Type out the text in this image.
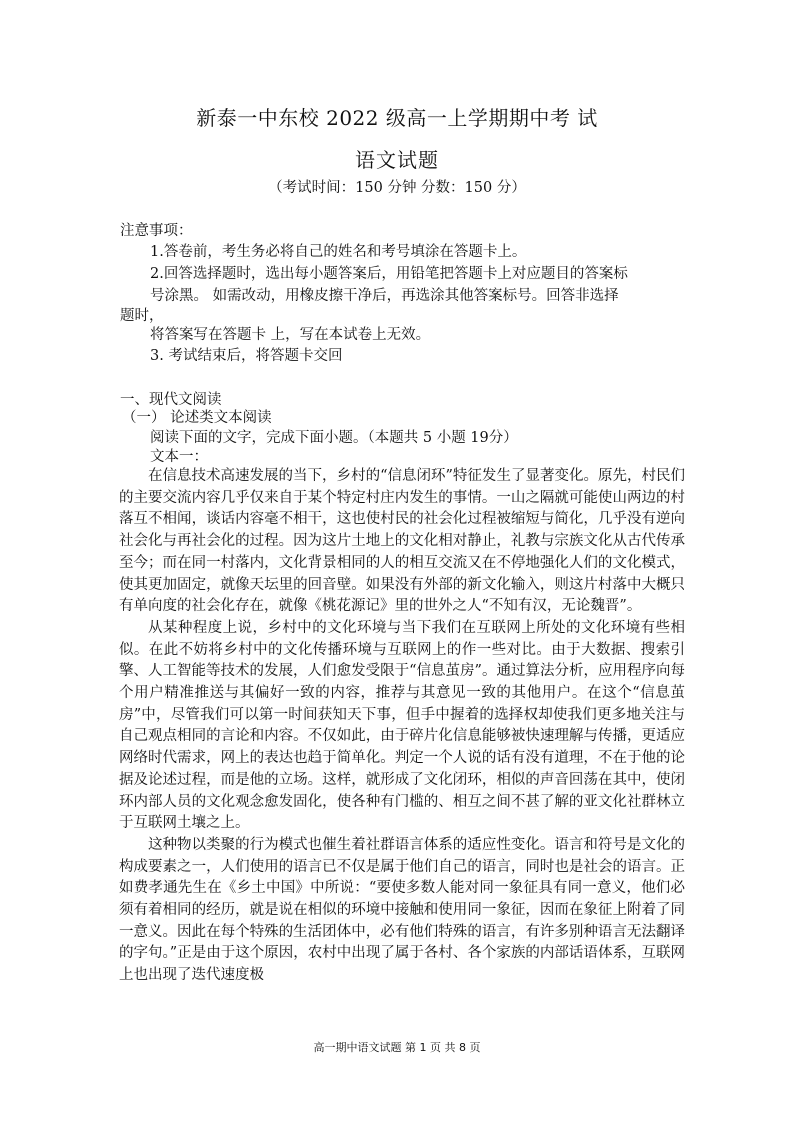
新泰一中东校 2022 级高一上学期期中考 试
语文试题
（考试时间：150 分钟 分数：150 分）
注意事项：
1.答卷前，考生务必将自己的姓名和考号填涂在答题卡上。
2.回答选择题时，选出每小题答案后，用铅笔把答题卡上对应题目的答案标
号涂黑。 如需改动，用橡皮擦干净后，再选涂其他答案标号。回答非选择
题时，
将答案写在答题卡 上，写在本试卷上无效。
3. 考试结束后，将答题卡交回
一、现代文阅读
（一） 论述类文本阅读
阅读下面的文字，完成下面小题。（本题共 5 小题 19分）
文本一：

在信息技术高速发展的当下，乡村的“信息闭环”特征发生了显著变化。原先，村民们的主要交流内容几乎仅来自于某个特定村庄内发生的事情。一山之隔就可能使山两边的村落互不相闻，谈话内容毫不相干，这也使村民的社会化过程被缩短与简化，几乎没有逆向社会化与再社会化的过程。因为这片土地上的文化相对静止，礼教与宗族文化从古代传承至今；而在同一村落内，文化背景相同的人的相互交流又在不停地强化人们的文化模式，使其更加固定，就像天坛里的回音壁。如果没有外部的新文化输入，则这片村落中大概只有单向度的社会化存在，就像《桃花源记》里的世外之人“不知有汉，无论魏晋”。

从某种程度上说，乡村中的文化环境与当下我们在互联网上所处的文化环境有些相似。在此不妨将乡村中的文化传播环境与互联网上的作一些对比。由于大数据、搜索引擎、人工智能等技术的发展，人们愈发受限于“信息茧房”。通过算法分析，应用程序向每个用户精准推送与其偏好一致的内容，推荐与其意见一致的其他用户。在这个“信息茧房”中，尽管我们可以第一时间获知天下事，但手中握着的选择权却使我们更多地关注与自己观点相同的言论和内容。不仅如此，由于碎片化信息能够被快速理解与传播，更适应网络时代需求，网上的表达也趋于简单化。判定一个人说的话有没有道理，不在于他的论据及论述过程，而是他的立场。这样，就形成了文化闭环，相似的声音回荡在其中，使闭环内部人员的文化观念愈发固化，使各种有门槛的、相互之间不甚了解的亚文化社群林立于互联网土壤之上。

这种物以类聚的行为模式也催生着社群语言体系的适应性变化。语言和符号是文化的构成要素之一，人们使用的语言已不仅是属于他们自己的语言，同时也是社会的语言。正如费孝通先生在《乡土中国》中所说：“要使多数人能对同一象征具有同一意义，他们必须有着相同的经历，就是说在相似的环境中接触和使用同一象征，因而在象征上附着了同一意义。因此在每个特殊的生活团体中，必有他们特殊的语言，有许多别种语言无法翻译的字句。”正是由于这个原因，农村中出现了属于各村、各个家族的内部话语体系，互联网上也出现了迭代速度极

高一期中语文试题 第 1 页 共 8 页
